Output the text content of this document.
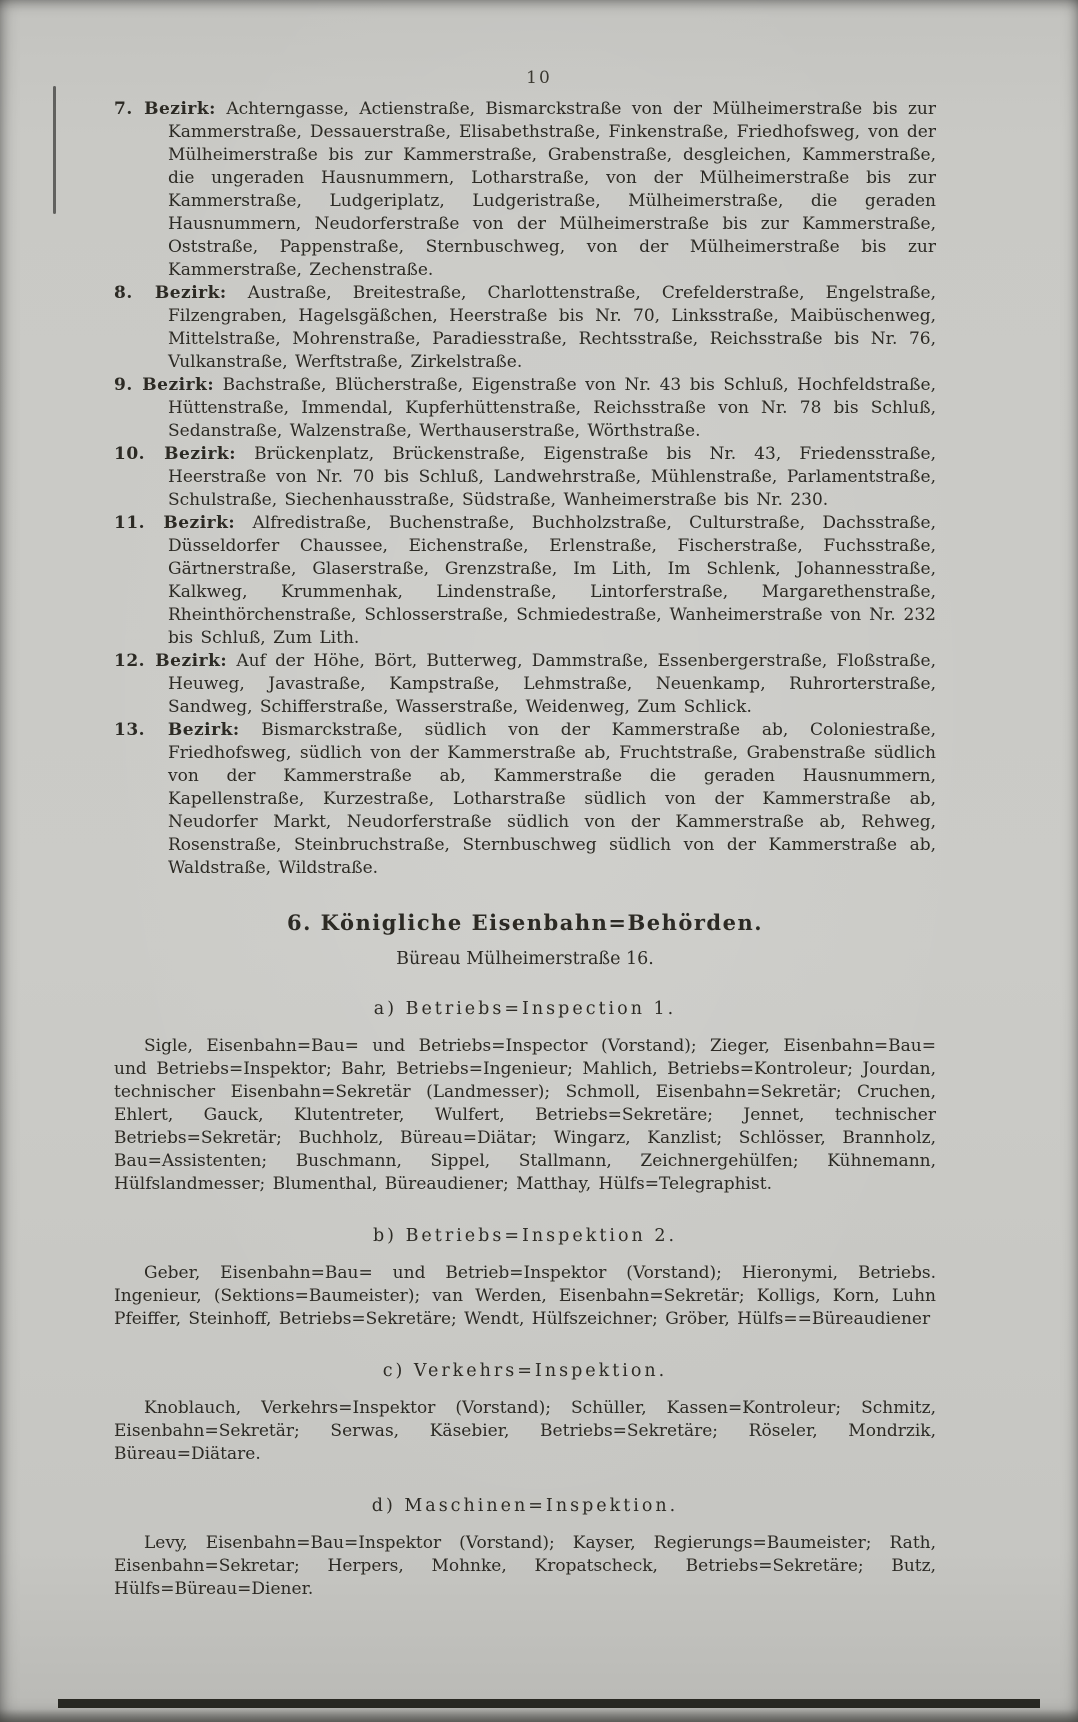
10

7. Bezirk: Achterngasse, Actienstraße, Bismarckstraße von der Mülheimerstraße bis zur Kammerstraße, Dessauerstraße, Elisabethstraße, Finkenstraße, Friedhofsweg, von der Mülheimerstraße bis zur Kammerstraße, Grabenstraße, desgleichen, Kammerstraße, die ungeraden Hausnummern, Lotharstraße, von der Mülheimerstraße bis zur Kammerstraße, Ludgeriplatz, Ludgeristraße, Mülheimerstraße, die geraden Hausnummern, Neudorferstraße von der Mülheimerstraße bis zur Kammerstraße, Oststraße, Pappenstraße, Sternbuschweg, von der Mülheimerstraße bis zur Kammerstraße, Zechenstraße.

8. Bezirk: Austraße, Breitestraße, Charlottenstraße, Crefelderstraße, Engelstraße, Filzengraben, Hagelsgäßchen, Heerstraße bis Nr. 70, Linksstraße, Maibüschenweg, Mittelstraße, Mohrenstraße, Paradiesstraße, Rechtsstraße, Reichsstraße bis Nr. 76, Vulkanstraße, Werftstraße, Zirkelstraße.

9. Bezirk: Bachstraße, Blücherstraße, Eigenstraße von Nr. 43 bis Schluß, Hochfeldstraße, Hüttenstraße, Immendal, Kupferhüttenstraße, Reichsstraße von Nr. 78 bis Schluß, Sedanstraße, Walzenstraße, Werthauserstraße, Wörthstraße.

10. Bezirk: Brückenplatz, Brückenstraße, Eigenstraße bis Nr. 43, Friedensstraße, Heerstraße von Nr. 70 bis Schluß, Landwehrstraße, Mühlenstraße, Parlamentstraße, Schulstraße, Siechenhausstraße, Südstraße, Wanheimerstraße bis Nr. 230.

11. Bezirk: Alfredistraße, Buchenstraße, Buchholzstraße, Culturstraße, Dachsstraße, Düsseldorfer Chaussee, Eichenstraße, Erlenstraße, Fischerstraße, Fuchsstraße, Gärtnerstraße, Glaserstraße, Grenzstraße, Im Lith, Im Schlenk, Johannesstraße, Kalkweg, Krummenhak, Lindenstraße, Lintorferstraße, Margarethenstraße, Rheinthörchenstraße, Schlosserstraße, Schmiedestraße, Wanheimerstraße von Nr. 232 bis Schluß, Zum Lith.

12. Bezirk: Auf der Höhe, Bört, Butterweg, Dammstraße, Essenbergerstraße, Floßstraße, Heuweg, Javastraße, Kampstraße, Lehmstraße, Neuenkamp, Ruhrorterstraße, Sandweg, Schifferstraße, Wasserstraße, Weidenweg, Zum Schlick.

13. Bezirk: Bismarckstraße, südlich von der Kammerstraße ab, Coloniestraße, Friedhofsweg, südlich von der Kammerstraße ab, Fruchtstraße, Grabenstraße südlich von der Kammerstraße ab, Kammerstraße die geraden Hausnummern, Kapellenstraße, Kurzestraße, Lotharstraße südlich von der Kammerstraße ab, Neudorfer Markt, Neudorferstraße südlich von der Kammerstraße ab, Rehweg, Rosenstraße, Steinbruchstraße, Sternbuschweg südlich von der Kammerstraße ab, Waldstraße, Wildstraße.

6. Königliche Eisenbahn=Behörden.

Büreau Mülheimerstraße 16.

a) Betriebs=Inspection 1.

Sigle, Eisenbahn=Bau= und Betriebs=Inspector (Vorstand); Zieger, Eisenbahn=Bau= und Betriebs=Inspektor; Bahr, Betriebs=Ingenieur; Mahlich, Betriebs=Kontroleur; Jourdan, technischer Eisenbahn=Sekretär (Landmesser); Schmoll, Eisenbahn=Sekretär; Cruchen, Ehlert, Gauck, Klutentreter, Wulfert, Betriebs=Sekretäre; Jennet, technischer Betriebs=Sekretär; Buchholz, Büreau=Diätar; Wingarz, Kanzlist; Schlösser, Brannholz, Bau=Assistenten; Buschmann, Sippel, Stallmann, Zeichnergehülfen; Kühnemann, Hülfslandmesser; Blumenthal, Büreaudiener; Matthay, Hülfs=Telegraphist.

b) Betriebs=Inspektion 2.

Geber, Eisenbahn=Bau= und Betrieb=Inspektor (Vorstand); Hieronymi, Betriebs. Ingenieur, (Sektions=Baumeister); van Werden, Eisenbahn=Sekretär; Kolligs, Korn, Luhn Pfeiffer, Steinhoff, Betriebs=Sekretäre; Wendt, Hülfszeichner; Gröber, Hülfs==Büreaudiener

c) Verkehrs=Inspektion.

Knoblauch, Verkehrs=Inspektor (Vorstand); Schüller, Kassen=Kontroleur; Schmitz, Eisenbahn=Sekretär; Serwas, Käsebier, Betriebs=Sekretäre; Röseler, Mondrzik, Büreau=Diätare.

d) Maschinen=Inspektion.

Levy, Eisenbahn=Bau=Inspektor (Vorstand); Kayser, Regierungs=Baumeister; Rath, Eisenbahn=Sekretar; Herpers, Mohnke, Kropatscheck, Betriebs=Sekretäre; Butz, Hülfs=Büreau=Diener.
